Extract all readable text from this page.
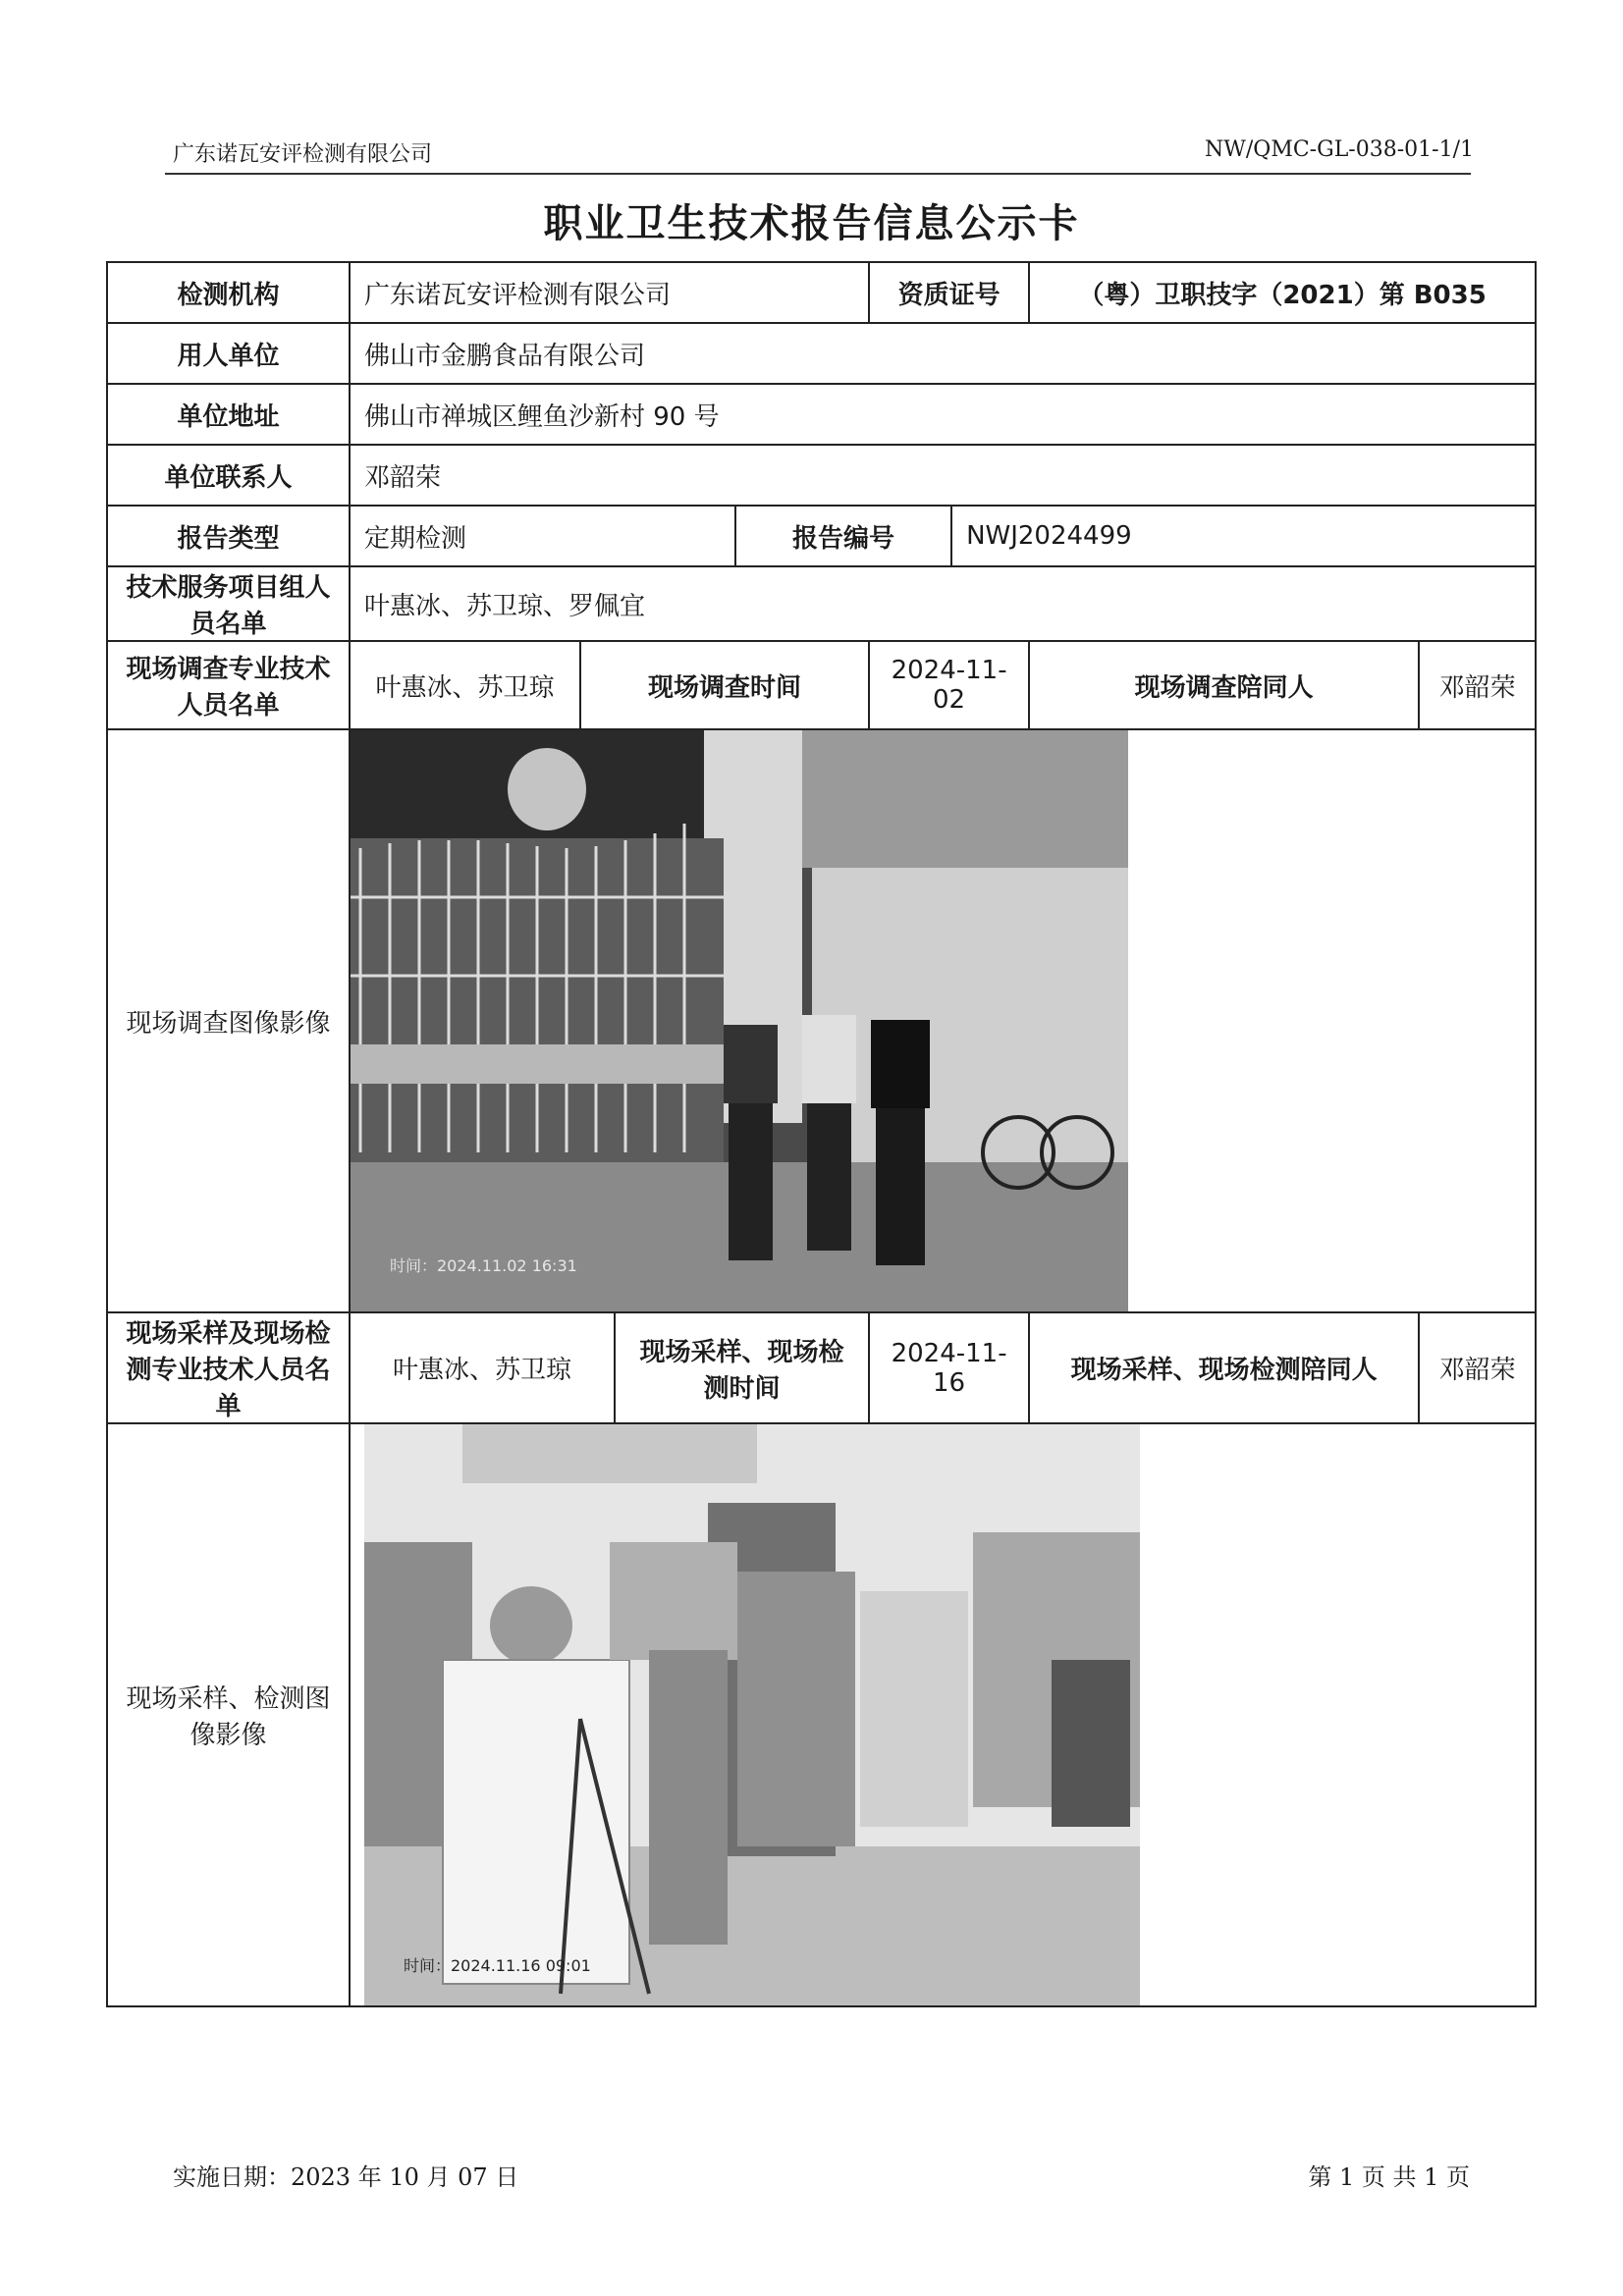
广东诺瓦安评检测有限公司	NW/QMC-GL-038-01-1/1
职业卫生技术报告信息公示卡
检测机构	广东诺瓦安评检测有限公司				资质证号		（粤）卫职技字（2021）第 B035	
用人单位	佛山市金鹏食品有限公司							
单位地址	佛山市禅城区鲤鱼沙新村 90 号							
单位联系人	邓韶荣							
报告类型	定期检测			报告编号		NWJ2024499		
技术服务项目组人员名单	叶惠冰、苏卫琼、罗佩宜							
现场调查专业技术人员名单	叶惠冰、苏卫琼	现场调查时间			2024-11-02		现场调查陪同人	邓韶荣
现场调查图像影像	时间：2024.11.02 16:31							

现场采样及现场检测专业技术人员名单	叶惠冰、苏卫琼		现场采样、现场检测时间		2024-11-16		现场采样、现场检测陪同人	邓韶荣
现场采样、检测图像影像	时间：2024.11.16 09:01							
实施日期：2023 年 10 月 07 日	第 1 页 共 1 页
